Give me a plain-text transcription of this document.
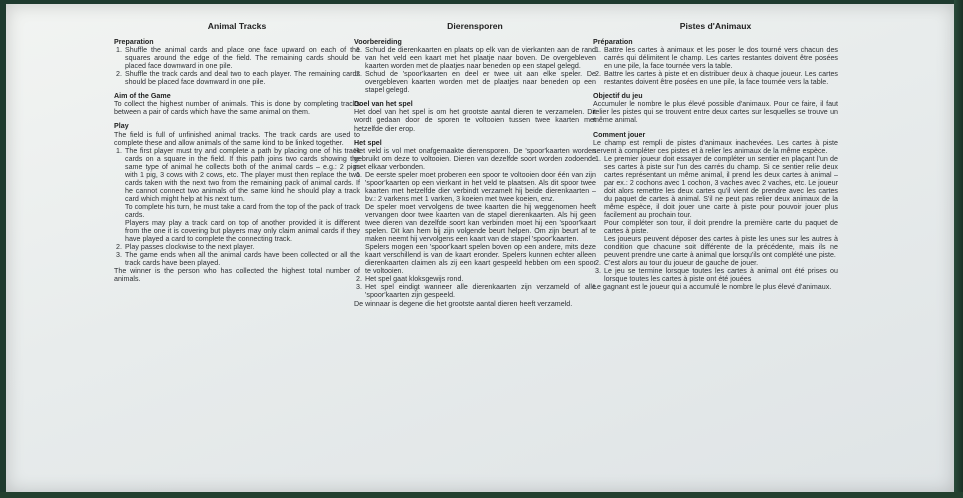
Animal Tracks
Preparation
1. Shuffle the animal cards and place one face upward on each of the squares around the edge of the field. The remaining cards should be placed face downward in one pile.
2. Shuffle the track cards and deal two to each player. The remaining cards should be placed face downward in one pile.
Aim of the Game

To collect the highest number of animals. This is done by completing tracks between a pair of cards which have the same animal on them.

Play

The field is full of unfinished animal tracks. The track cards are used to complete these and allow animals of the same kind to be linked together.

1. The first player must try and complete a path by placing one of his track cards on a square in the field. If this path joins two cards showing the same type of animal he collects both of the animal cards – e.g.: 2 pigs with 1 pig, 3 cows with 2 cows, etc. The player must then replace the two cards taken with the next two from the remaining pack of animal cards. If he cannot connect two animals of the same kind he should play a track card which might help at his next turn.

To complete his turn, he must take a card from the top of the pack of track cards.

Players may play a track card on top of another provided it is different from the one it is covering but players may only claim animal cards if they have played a card to complete the connecting track.

2. Play passes clockwise to the next player.
3. The game ends when all the animal cards have been collected or all the track cards have been played.

The winner is the person who has collected the highest total number of animals.

Dierensporen
Voorbereiding
1. Schud de dierenkaarten en plaats op elk van de vierkanten aan de rand van het veld een kaart met het plaatje naar boven. De overgebleven kaarten worden met de plaatjes naar beneden op een stapel gelegd.
2. Schud de 'spoor'kaarten en deel er twee uit aan elke speler. De overgebleven kaarten worden met de plaatjes naar beneden op een stapel gelegd.
Doel van het spel

Het doel van het spel is om het grootste aantal dieren te verzamelen. Dit wordt gedaan door de sporen te voltooien tussen twee kaarten met hetzelfde dier erop.

Het spel

Het veld is vol met onafgemaakte dierensporen. De 'spoor'kaarten worden gebruikt om deze to voltooien. Dieren van dezelfde soort worden zodoende met elkaar verbonden.

1. De eerste speler moet proberen een spoor te voltooien door één van zijn 'spoor'kaarten op een vierkant in het veld te plaatsen. Als dit spoor twee kaarten met hetzelfde dier verbindt verzamelt hij beide dierenkaarten – bv.: 2 varkens met 1 varken, 3 koeien met twee koeien, enz.

De speler moet vervolgens de twee kaarten die hij weggenomen heeft vervangen door twee kaarten van de stapel dierenkaarten. Als hij geen twee dieren van dezelfde soort kan verbinden moet hij een 'spoor'kaart spelen. Dit kan hem bij zijn volgende beurt helpen. Om zijn beurt af te maken neemt hij vervolgens een kaart van de stapel 'spoor'kaarten.

Spelers mogen een 'spoor'kaart spelen boven op een andere, mits deze kaart verschillend is van de kaart eronder. Spelers kunnen echter alleen dierenkaarten claimen als zij een kaart gespeeld hebben om een spoor te voltooien.

2. Het spel gaat kloksgewijs rond.
3. Het spel eindigt wanneer alle dierenkaarten zijn verzameld of alle 'spoor'kaarten zijn gespeeld.

De winnaar is degene die het grootste aantal dieren heeft verzameld.

Pistes d'Animaux
Préparation
1. Battre les cartes à animaux et les poser le dos tourné vers chacun des carrés qui délimitent le champ. Les cartes restantes doivent être posées en une pile, la face tournée vers la table.
2. Battre les cartes à piste et en distribuer deux à chaque joueur. Les cartes restantes doivent être posées en une pile, la face tournée vers la table.
Objectif du jeu

Accumuler le nombre le plus élevé possible d'animaux. Pour ce faire, il faut relier les pistes qui se trouvent entre deux cartes sur lesquelles se trouve un même animal.

Comment jouer

Le champ est rempli de pistes d'animaux inachevées. Les cartes à piste servent à compléter ces pistes et à relier les animaux de la même espèce.

1. Le premier joueur doit essayer de compléter un sentier en plaçant l'un de ses cartes à piste sur l'un des carrés du champ. Si ce sentier relie deux cartes représentant un même animal, il prend les deux cartes à animal – par ex.: 2 cochons avec 1 cochon, 3 vaches avec 2 vaches, etc. Le joueur doit alors remettre les deux cartes qu'il vient de prendre avec les cartes du paquet de cartes à animal. S'il ne peut pas relier deux animaux de la même espèce, il doit jouer une carte à piste pour pouvoir jouer plus facilement au prochain tour.

Pour compléter son tour, il doit prendre la première carte du paquet de cartes à piste.

Les joueurs peuvent déposer des cartes à piste les unes sur les autres à condition que chacune soit différente de la précédente, mais ils ne peuvent prendre une carte à animal que lorsqu'ils ont complété une piste.

2. C'est alors au tour du joueur de gauche de jouer.
3. Le jeu se termine lorsque toutes les cartes à animal ont été prises ou lorsque toutes les cartes à piste ont été jouées

Le gagnant est le joueur qui a accumulé le nombre le plus élevé d'animaux.
